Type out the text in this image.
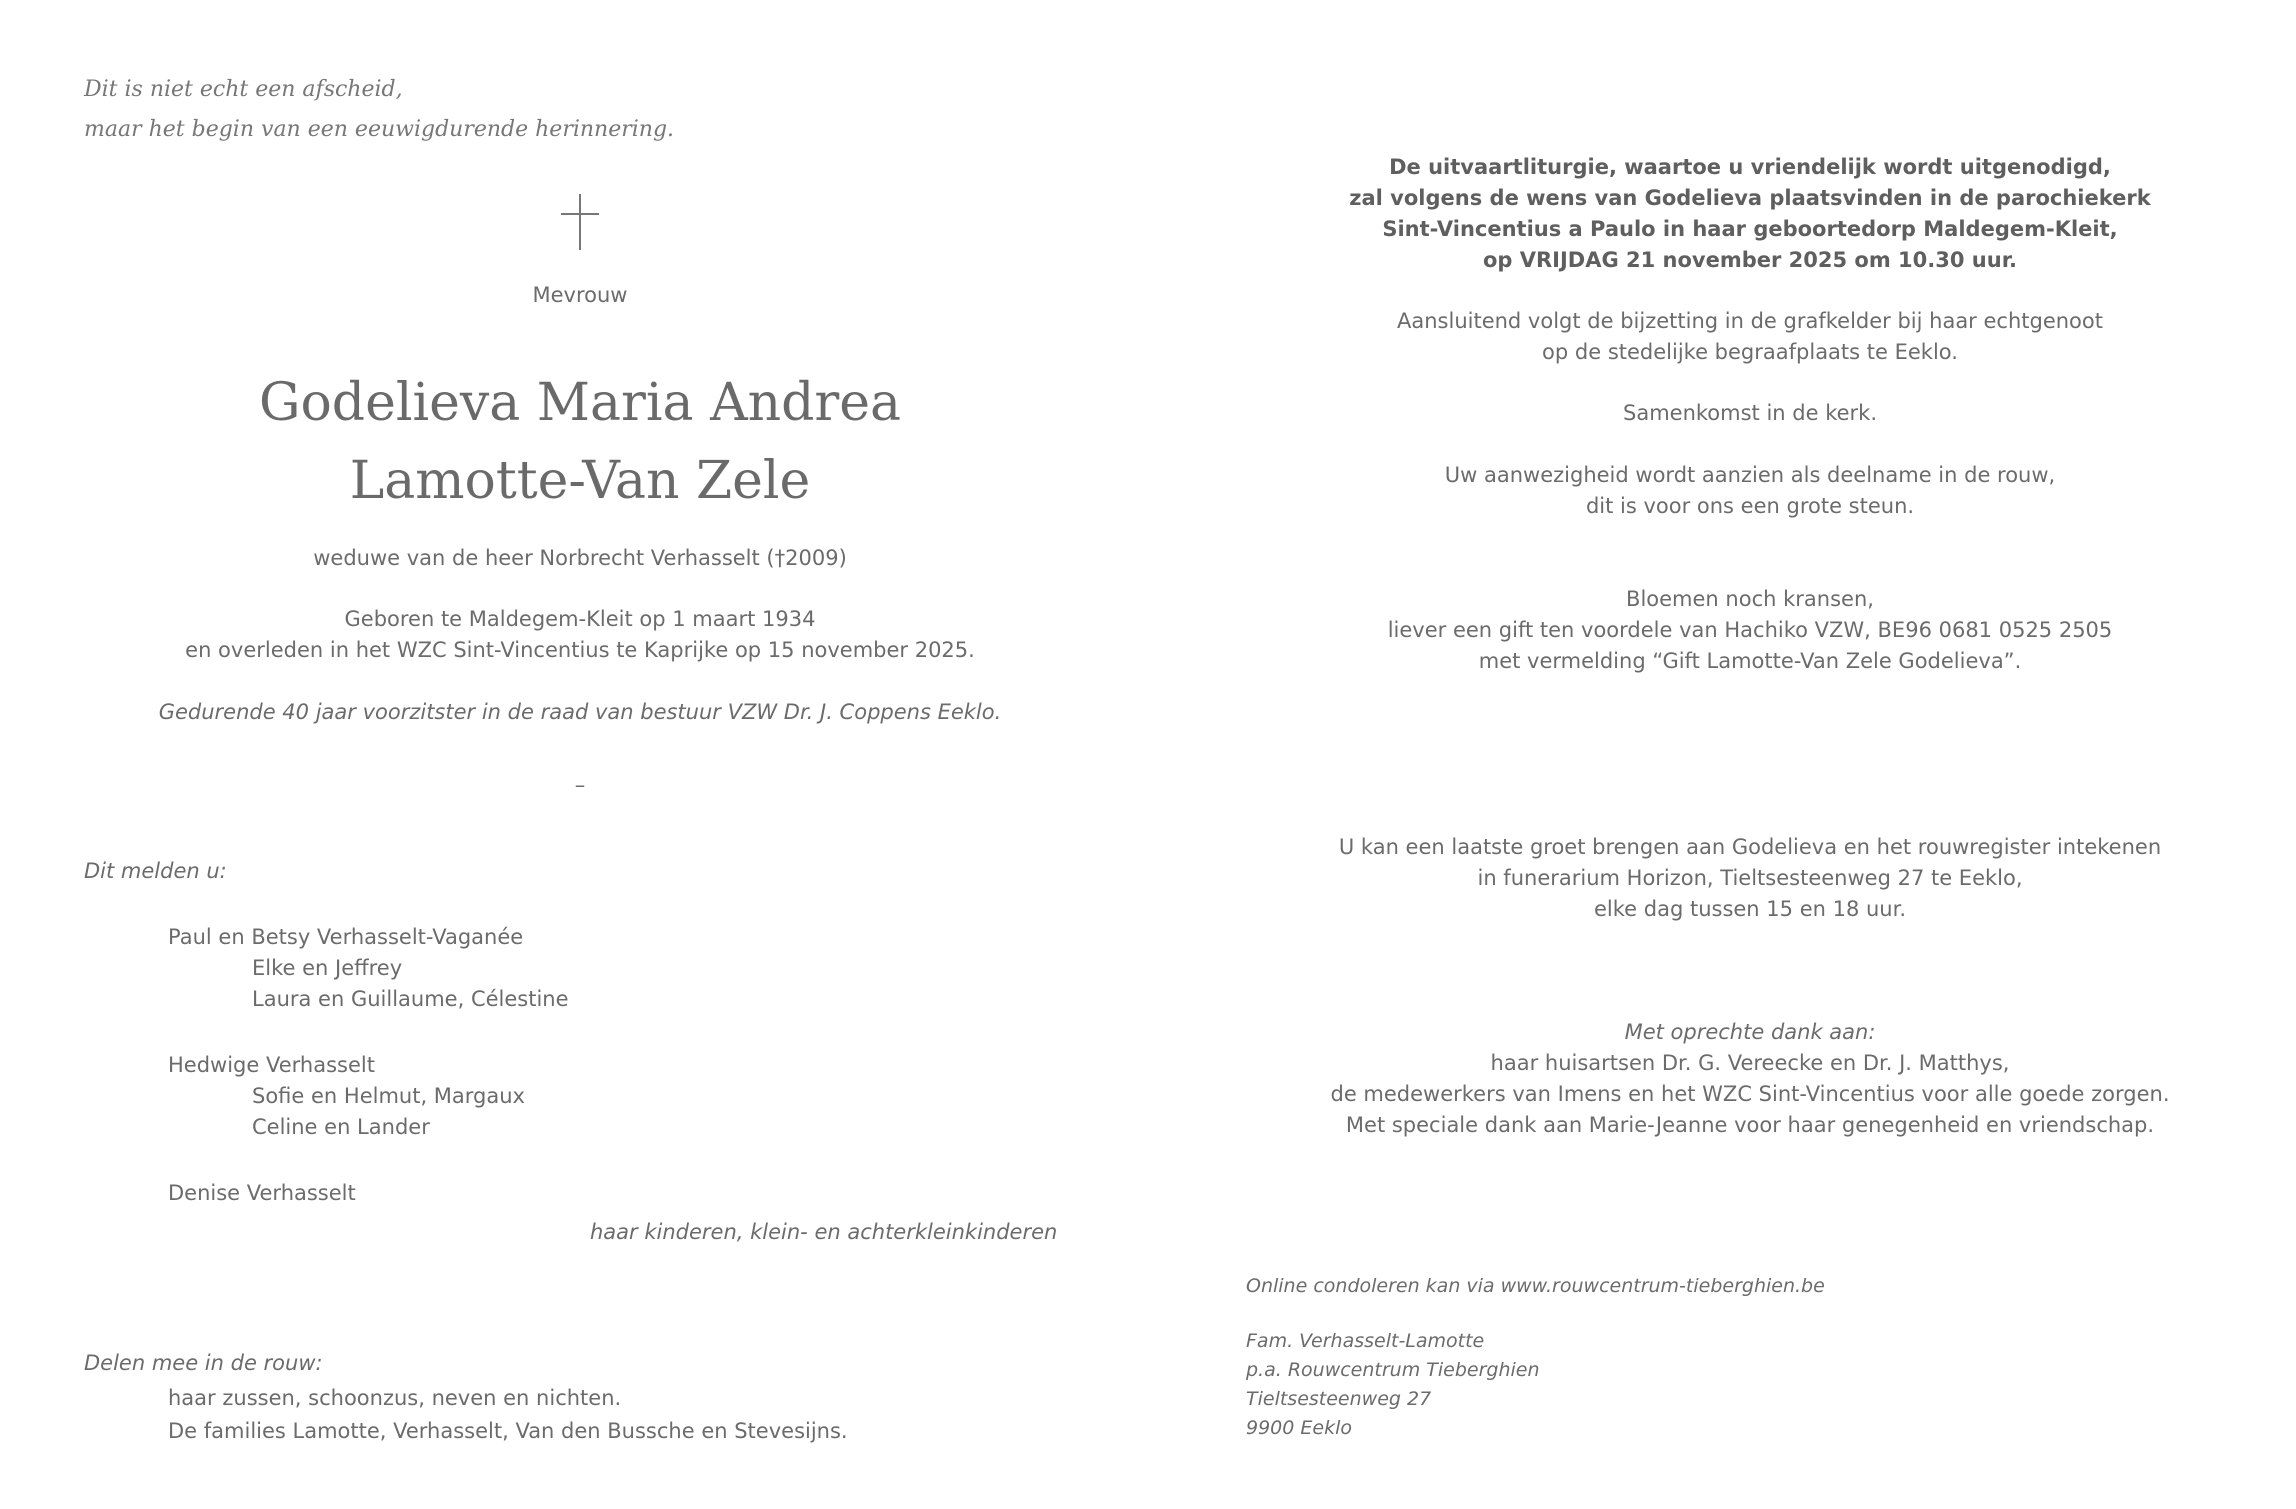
Dit is niet echt een afscheid,
maar het begin van een eeuwigdurende herinnering.
Mevrouw
Godelieva Maria Andrea
Lamotte-Van Zele
weduwe van de heer Norbrecht Verhasselt (†2009)
Geboren te Maldegem-Kleit op 1 maart 1934
en overleden in het WZC Sint-Vincentius te Kaprijke op 15 november 2025.
Gedurende 40 jaar voorzitster in de raad van bestuur VZW Dr. J. Coppens Eeklo.
–
Dit melden u:
Paul en Betsy Verhasselt-Vaganée
Elke en Jeffrey
Laura en Guillaume, Célestine
Hedwige Verhasselt
Sofie en Helmut, Margaux
Celine en Lander
Denise Verhasselt
haar kinderen, klein- en achterkleinkinderen
Delen mee in de rouw:
haar zussen, schoonzus, neven en nichten.
De families Lamotte, Verhasselt, Van den Bussche en Stevesijns.
De uitvaartliturgie, waartoe u vriendelijk wordt uitgenodigd,
zal volgens de wens van Godelieva plaatsvinden in de parochiekerk
Sint-Vincentius a Paulo in haar geboortedorp Maldegem-Kleit,
op VRIJDAG 21 november 2025 om 10.30 uur.
Aansluitend volgt de bijzetting in de grafkelder bij haar echtgenoot
op de stedelijke begraafplaats te Eeklo.
Samenkomst in de kerk.
Uw aanwezigheid wordt aanzien als deelname in de rouw,
dit is voor ons een grote steun.
Bloemen noch kransen,
liever een gift ten voordele van Hachiko VZW, BE96 0681 0525 2505
met vermelding “Gift Lamotte-Van Zele Godelieva”.
U kan een laatste groet brengen aan Godelieva en het rouwregister intekenen
in funerarium Horizon, Tieltsesteenweg 27 te Eeklo,
elke dag tussen 15 en 18 uur.
Met oprechte dank aan:
haar huisartsen Dr. G. Vereecke en Dr. J. Matthys,
de medewerkers van Imens en het WZC Sint-Vincentius voor alle goede zorgen.
Met speciale dank aan Marie-Jeanne voor haar genegenheid en vriendschap.
Online condoleren kan via www.rouwcentrum-tieberghien.be
Fam. Verhasselt-Lamotte
p.a. Rouwcentrum Tieberghien
Tieltsesteenweg 27
9900 Eeklo
